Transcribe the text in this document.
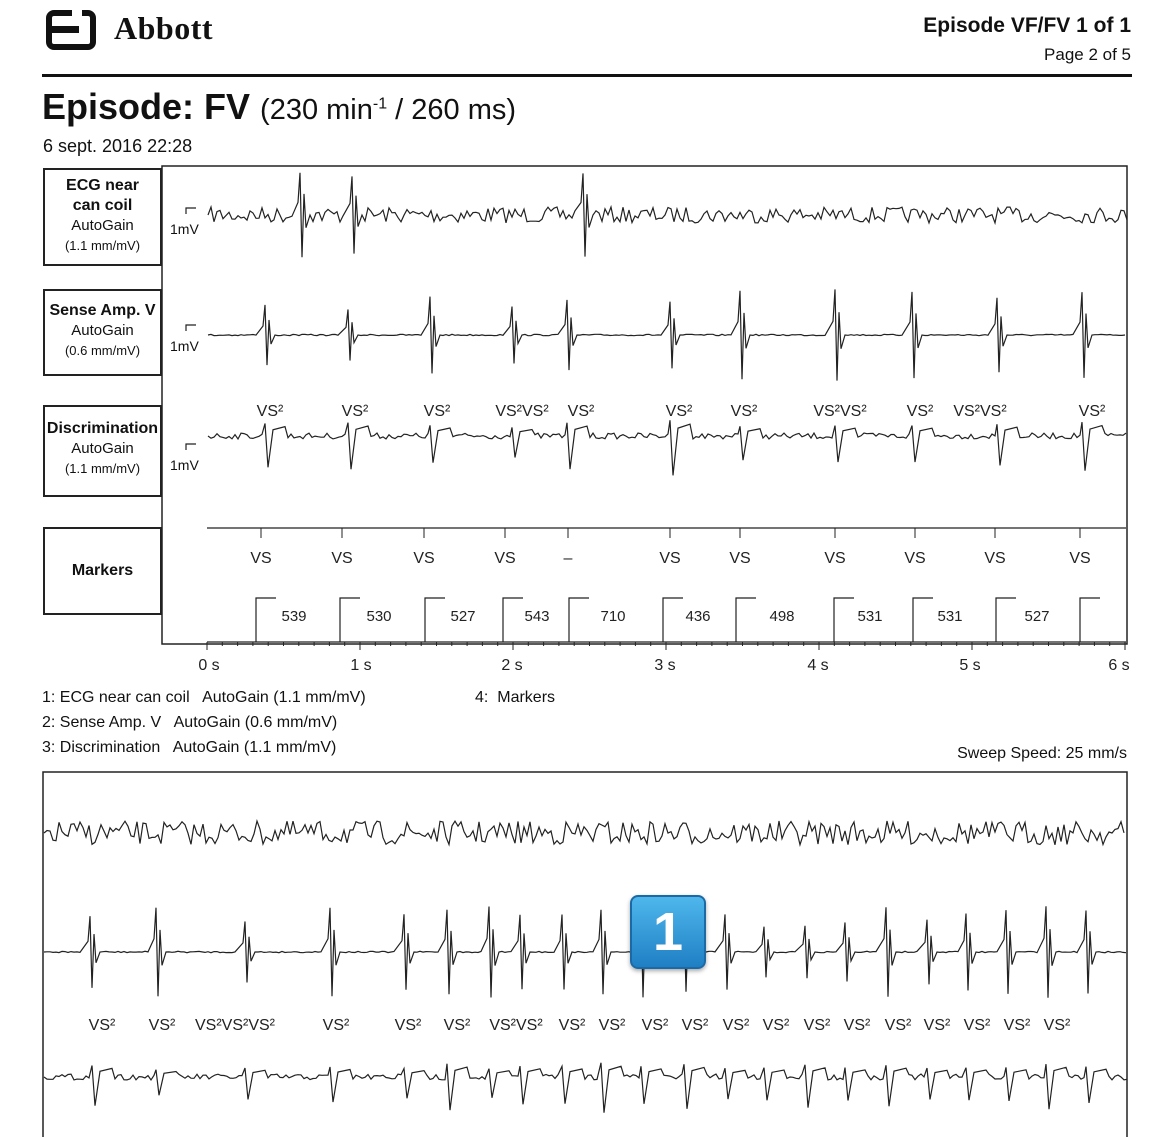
Abbott	Episode VF/FV 1 of 1
Page 2 of 5
Episode: FV (230 $\min^{-1} / 260$ ms)
6 sept. 2016 22:28
ECG near
can coil
AutoGain
(1.1 mm/mV)
Sense Amp. V
AutoGain
(0.6 mm/mV)
Discrimination
AutoGain
(1.1 mm/mV)
Markers
1mV
1mV
1mV
VS²	VS²	VS²	VS²VS² VS²	VS² VS²	VS²VS² VS² VS²VS²	VS²
VS	VS	VS	VS	–	VS	VS	VS	VS	VS	VS
539	530	527	543	710	436	498	531	531	527
0 s	1 s	2 s	3 s	4 s	5 s	6 s
1: ECG near can coil   AutoGain (1.1 mm/mV)
2: Sense Amp. V   AutoGain (0.6 mm/mV)
3: Discrimination   AutoGain (1.1 mm/mV)
4:  Markers
Sweep Speed: 25 mm/s
VS² VS² VS²VS²VS²	VS²	VS² VS² VS²VS² VS² VS² VS² VS² VS² VS² VS² VS² VS² VS² VS² VS² VS²
1
